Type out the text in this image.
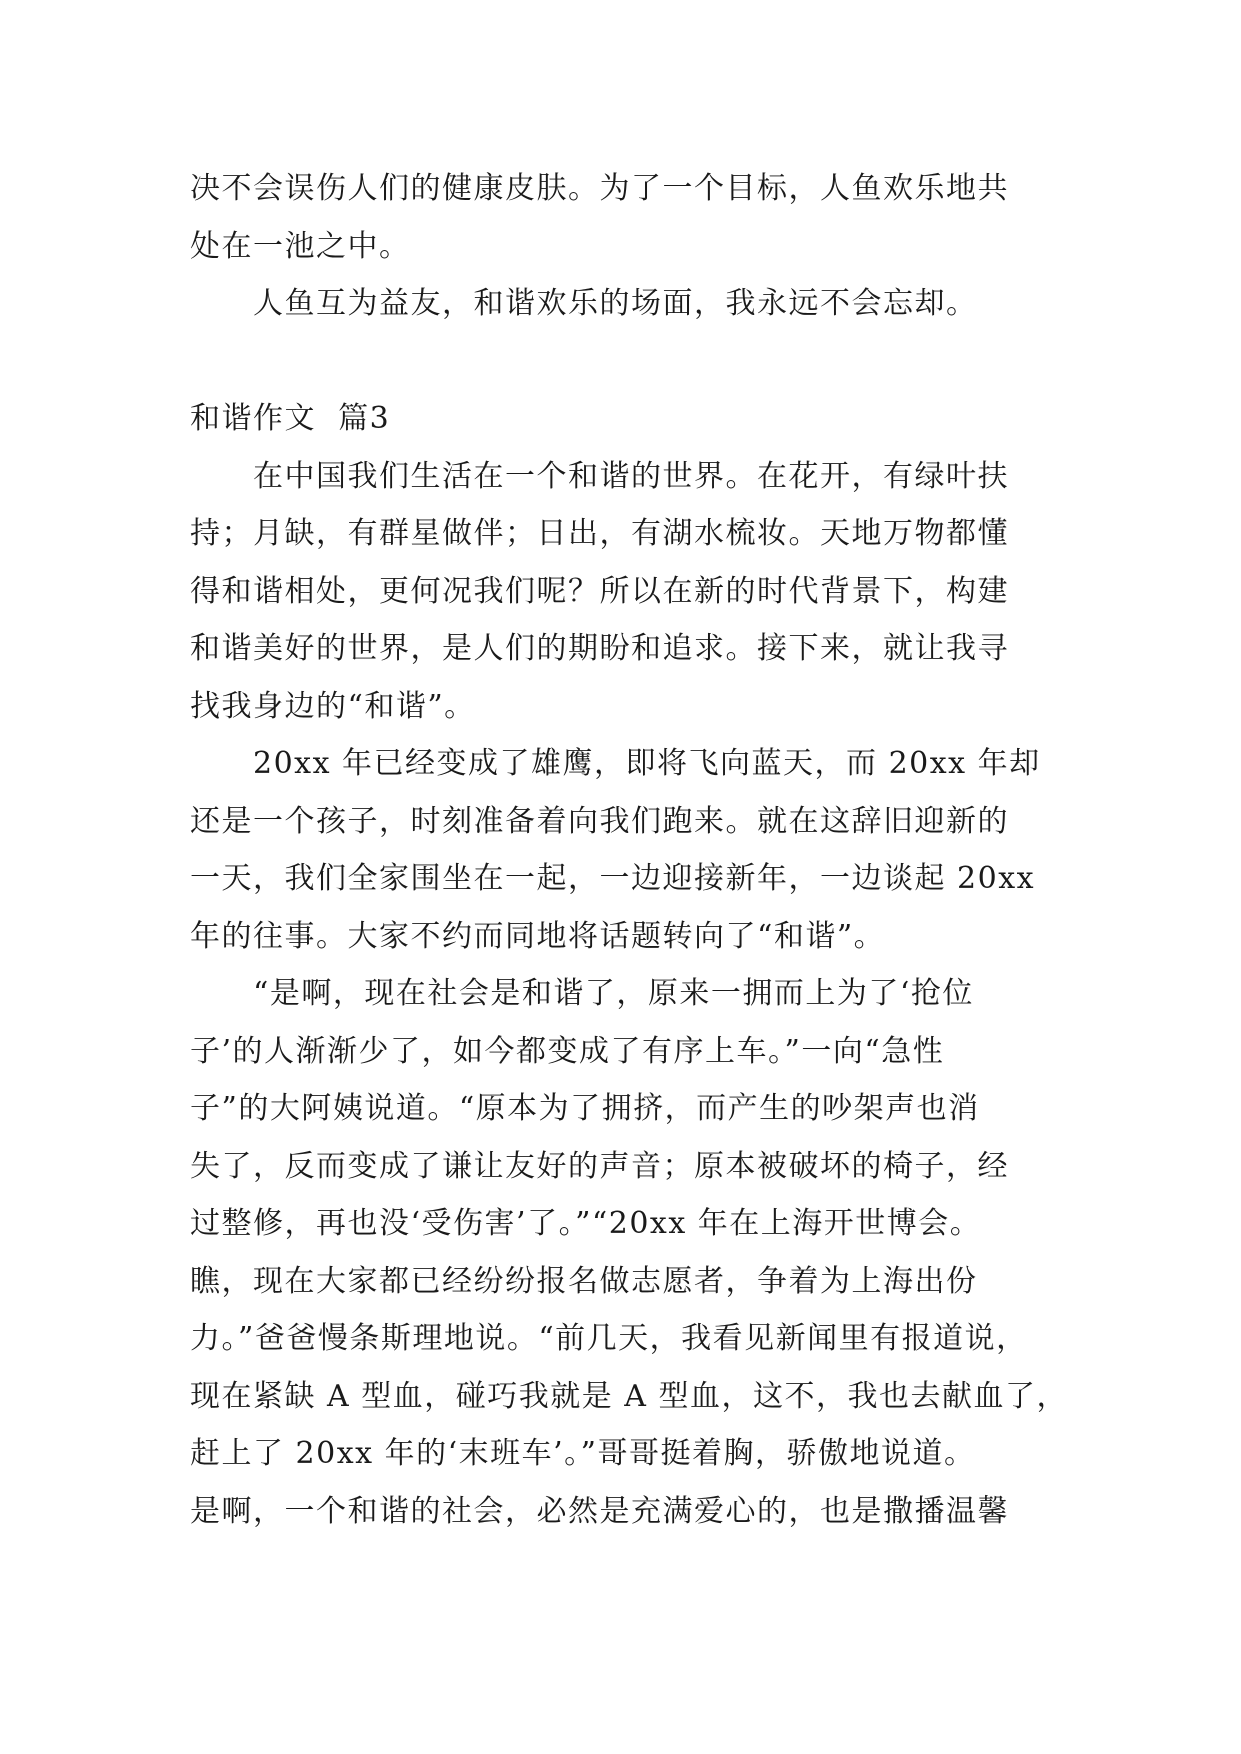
决不会误伤人们的健康皮肤。为了一个目标，人鱼欢乐地共
处在一池之中。
　　人鱼互为益友，和谐欢乐的场面，我永远不会忘却。
和谐作文  篇3
　　在中国我们生活在一个和谐的世界。在花开，有绿叶扶
持；月缺，有群星做伴；日出，有湖水梳妆。天地万物都懂
得和谐相处，更何况我们呢？所以在新的时代背景下，构建
和谐美好的世界，是人们的期盼和追求。接下来，就让我寻
找我身边的“和谐”。
　　20xx 年已经变成了雄鹰，即将飞向蓝天，而 20xx 年却
还是一个孩子，时刻准备着向我们跑来。就在这辞旧迎新的
一天，我们全家围坐在一起，一边迎接新年，一边谈起 20xx
年的往事。大家不约而同地将话题转向了“和谐”。
　　“是啊，现在社会是和谐了，原来一拥而上为了‘抢位
子’的人渐渐少了，如今都变成了有序上车。”一向“急性
子”的大阿姨说道。“原本为了拥挤，而产生的吵架声也消
失了，反而变成了谦让友好的声音；原本被破坏的椅子，经
过整修，再也没‘受伤害’了。”“20xx 年在上海开世博会。
瞧，现在大家都已经纷纷报名做志愿者，争着为上海出份
力。”爸爸慢条斯理地说。“前几天，我看见新闻里有报道说，
现在紧缺 A 型血，碰巧我就是 A 型血，这不，我也去献血了，
赶上了 20xx 年的‘末班车’。”哥哥挺着胸，骄傲地说道。
是啊，一个和谐的社会，必然是充满爱心的，也是撒播温馨
